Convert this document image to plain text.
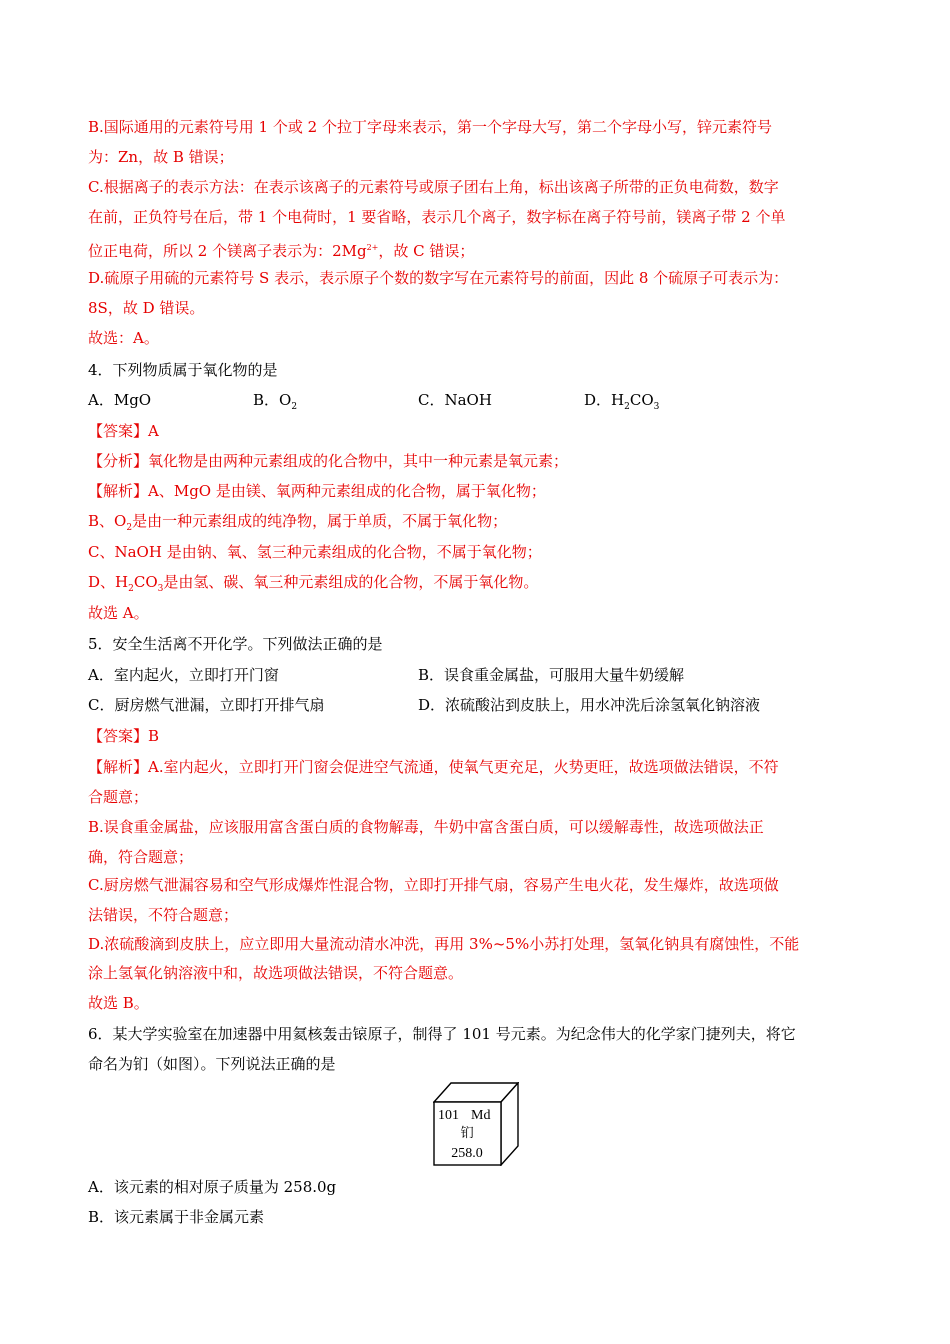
B.国际通用的元素符号用 1 个或 2 个拉丁字母来表示，第一个字母大写，第二个字母小写，锌元素符号
为：Zn，故 B 错误；
C.根据离子的表示方法：在表示该离子的元素符号或原子团右上角，标出该离子所带的正负电荷数，数字
在前，正负符号在后，带 1 个电荷时，1 要省略，表示几个离子，数字标在离子符号前，镁离子带 2 个单
位正电荷，所以 2 个镁离子表示为：$2Mg^{2+}$，故 C 错误；
D.硫原子用硫的元素符号 S 表示，表示原子个数的数字写在元素符号的前面，因此 8 个硫原子可表示为：
8S，故 D 错误。
故选：A。
4．下列物质属于氧化物的是
A．MgO	B．$O_2$	C．NaOH	D．$H_2CO_3$
【答案】A
【分析】氧化物是由两种元素组成的化合物中，其中一种元素是氧元素；
【解析】A、MgO 是由镁、氧两种元素组成的化合物，属于氧化物；
B、$O_2$是由一种元素组成的纯净物，属于单质，不属于氧化物；
C、NaOH 是由钠、氧、氢三种元素组成的化合物，不属于氧化物；
D、$H_2CO_3$是由氢、碳、氧三种元素组成的化合物，不属于氧化物。
故选 A。
5．安全生活离不开化学。下列做法正确的是
A．室内起火，立即打开门窗	B．误食重金属盐，可服用大量牛奶缓解
C．厨房燃气泄漏，立即打开排气扇	D．浓硫酸沾到皮肤上，用水冲洗后涂氢氧化钠溶液
【答案】B
【解析】A.室内起火，立即打开门窗会促进空气流通，使氧气更充足，火势更旺，故选项做法错误，不符
合题意；
B.误食重金属盐，应该服用富含蛋白质的食物解毒，牛奶中富含蛋白质，可以缓解毒性，故选项做法正
确，符合题意；
C.厨房燃气泄漏容易和空气形成爆炸性混合物，立即打开排气扇，容易产生电火花，发生爆炸，故选项做
法错误，不符合题意；
D.浓硫酸滴到皮肤上，应立即用大量流动清水冲洗，再用 3%~5%小苏打处理，氢氧化钠具有腐蚀性，不能
涂上氢氧化钠溶液中和，故选项做法错误，不符合题意。
故选 B。
6．某大学实验室在加速器中用氦核轰击锿原子，制得了 101 号元素。为纪念伟大的化学家门捷列夫，将它
命名为钔（如图）。下列说法正确的是
101 Md
钔
258.0
A．该元素的相对原子质量为 258.0g
B．该元素属于非金属元素
